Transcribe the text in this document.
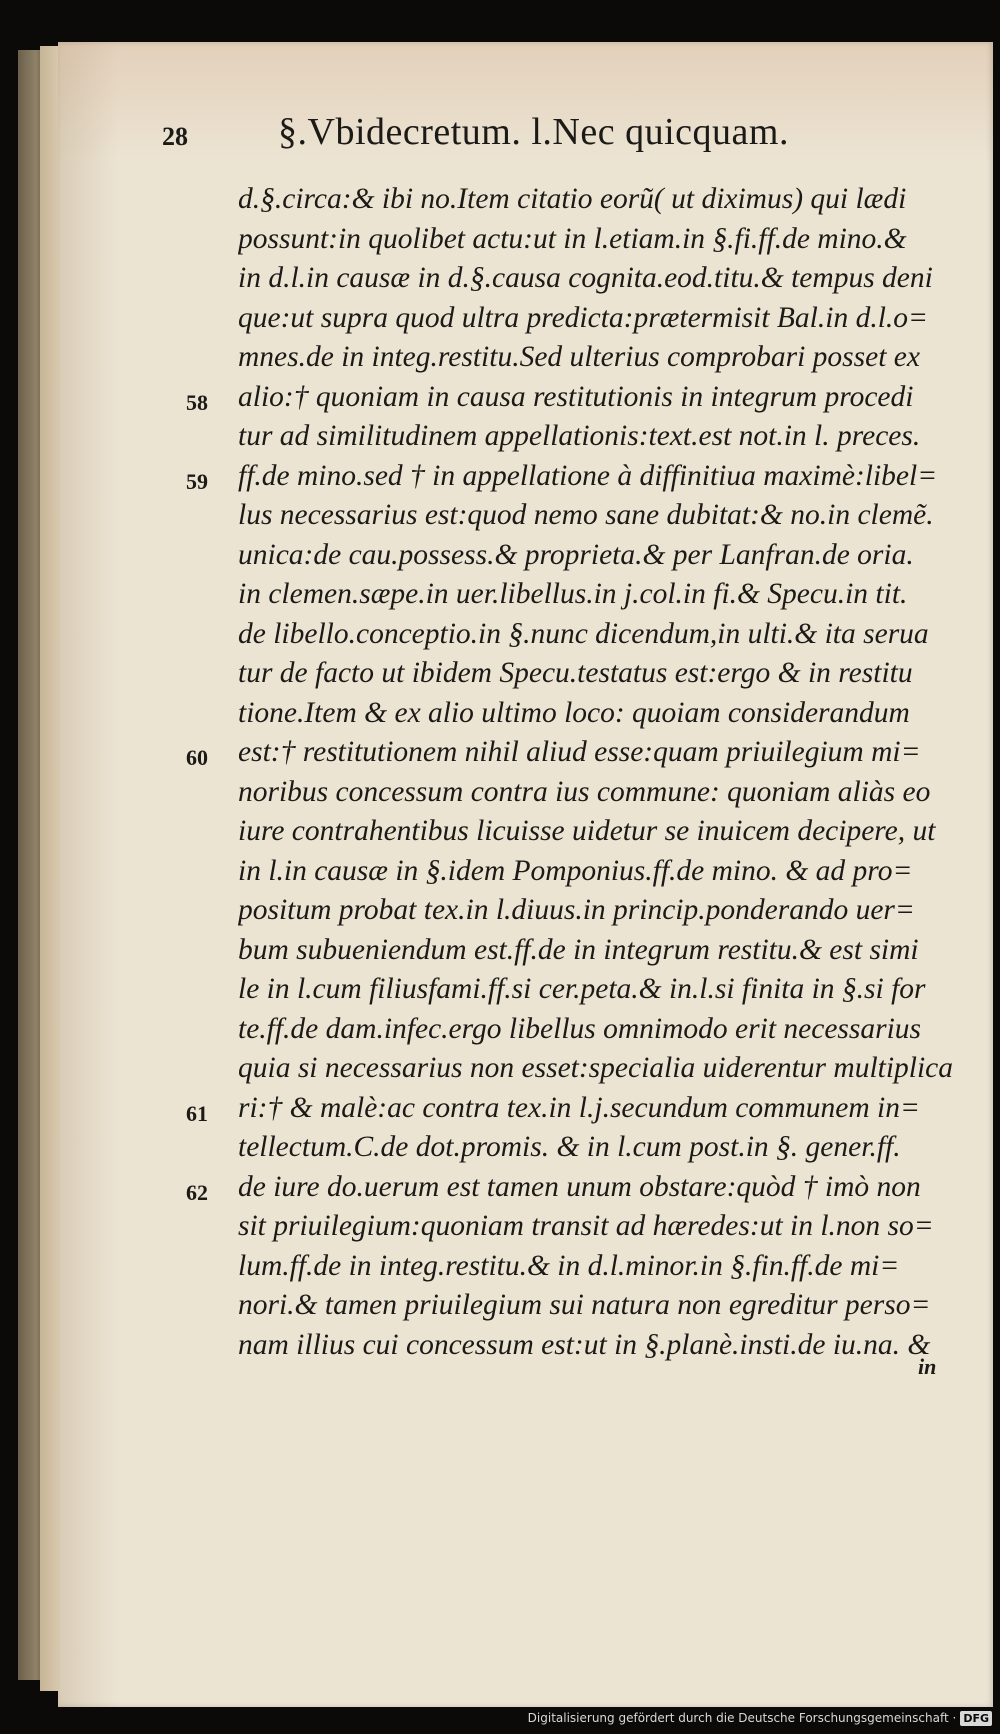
28 §.Vbidecretum. l.Nec quicquam.
d.§.circa:& ibi no.Item citatio eorũ( ut diximus) qui lædi
possunt:in quolibet actu:ut in l.etiam.in §.fi.ff.de mino.&
in d.l.in causæ in d.§.causa cognita.eod.titu.& tempus deni
que:ut supra quod ultra predicta:prætermisit Bal.in d.l.o=
mnes.de in integ.restitu.Sed ulterius comprobari posset ex
58 alio:† quoniam in causa restitutionis in integrum procedi
tur ad similitudinem appellationis:text.est not.in l. preces.
59 ff.de mino.sed † in appellatione à diffinitiua maximè:libel=
lus necessarius est:quod nemo sane dubitat:& no.in clemẽ.
unica:de cau.possess.& proprieta.& per Lanfran.de oria.
in clemen.sæpe.in uer.libellus.in j.col.in fi.& Specu.in tit.
de libello.conceptio.in §.nunc dicendum,in ulti.& ita serua
tur de facto ut ibidem Specu.testatus est:ergo & in restitu
tione.Item & ex alio ultimo loco: quoiam considerandum
60 est:† restitutionem nihil aliud esse:quam priuilegium mi=
noribus concessum contra ius commune: quoniam aliàs eo
iure contrahentibus licuisse uidetur se inuicem decipere, ut
in l.in causæ in §.idem Pomponius.ff.de mino. & ad pro=
positum probat tex.in l.diuus.in princip.ponderando uer=
bum subueniendum est.ff.de in integrum restitu.& est simi
le in l.cum filiusfami.ff.si cer.peta.& in.l.si finita in §.si for
te.ff.de dam.infec.ergo libellus omnimodo erit necessarius
quia si necessarius non esset:specialia uiderentur multiplica
61 ri:† & malè:ac contra tex.in l.j.secundum communem in=
tellectum.C.de dot.promis. & in l.cum post.in §. gener.ff.
62 de iure do.uerum est tamen unum obstare:quòd † imò non
sit priuilegium:quoniam transit ad hæredes:ut in l.non so=
lum.ff.de in integ.restitu.& in d.l.minor.in §.fin.ff.de mi=
nori.& tamen priuilegium sui natura non egreditur perso=
nam illius cui concessum est:ut in §.planè.insti.de iu.na. &
in
Digitalisierung gefördert durch die Deutsche Forschungsgemeinschaft · DFG
